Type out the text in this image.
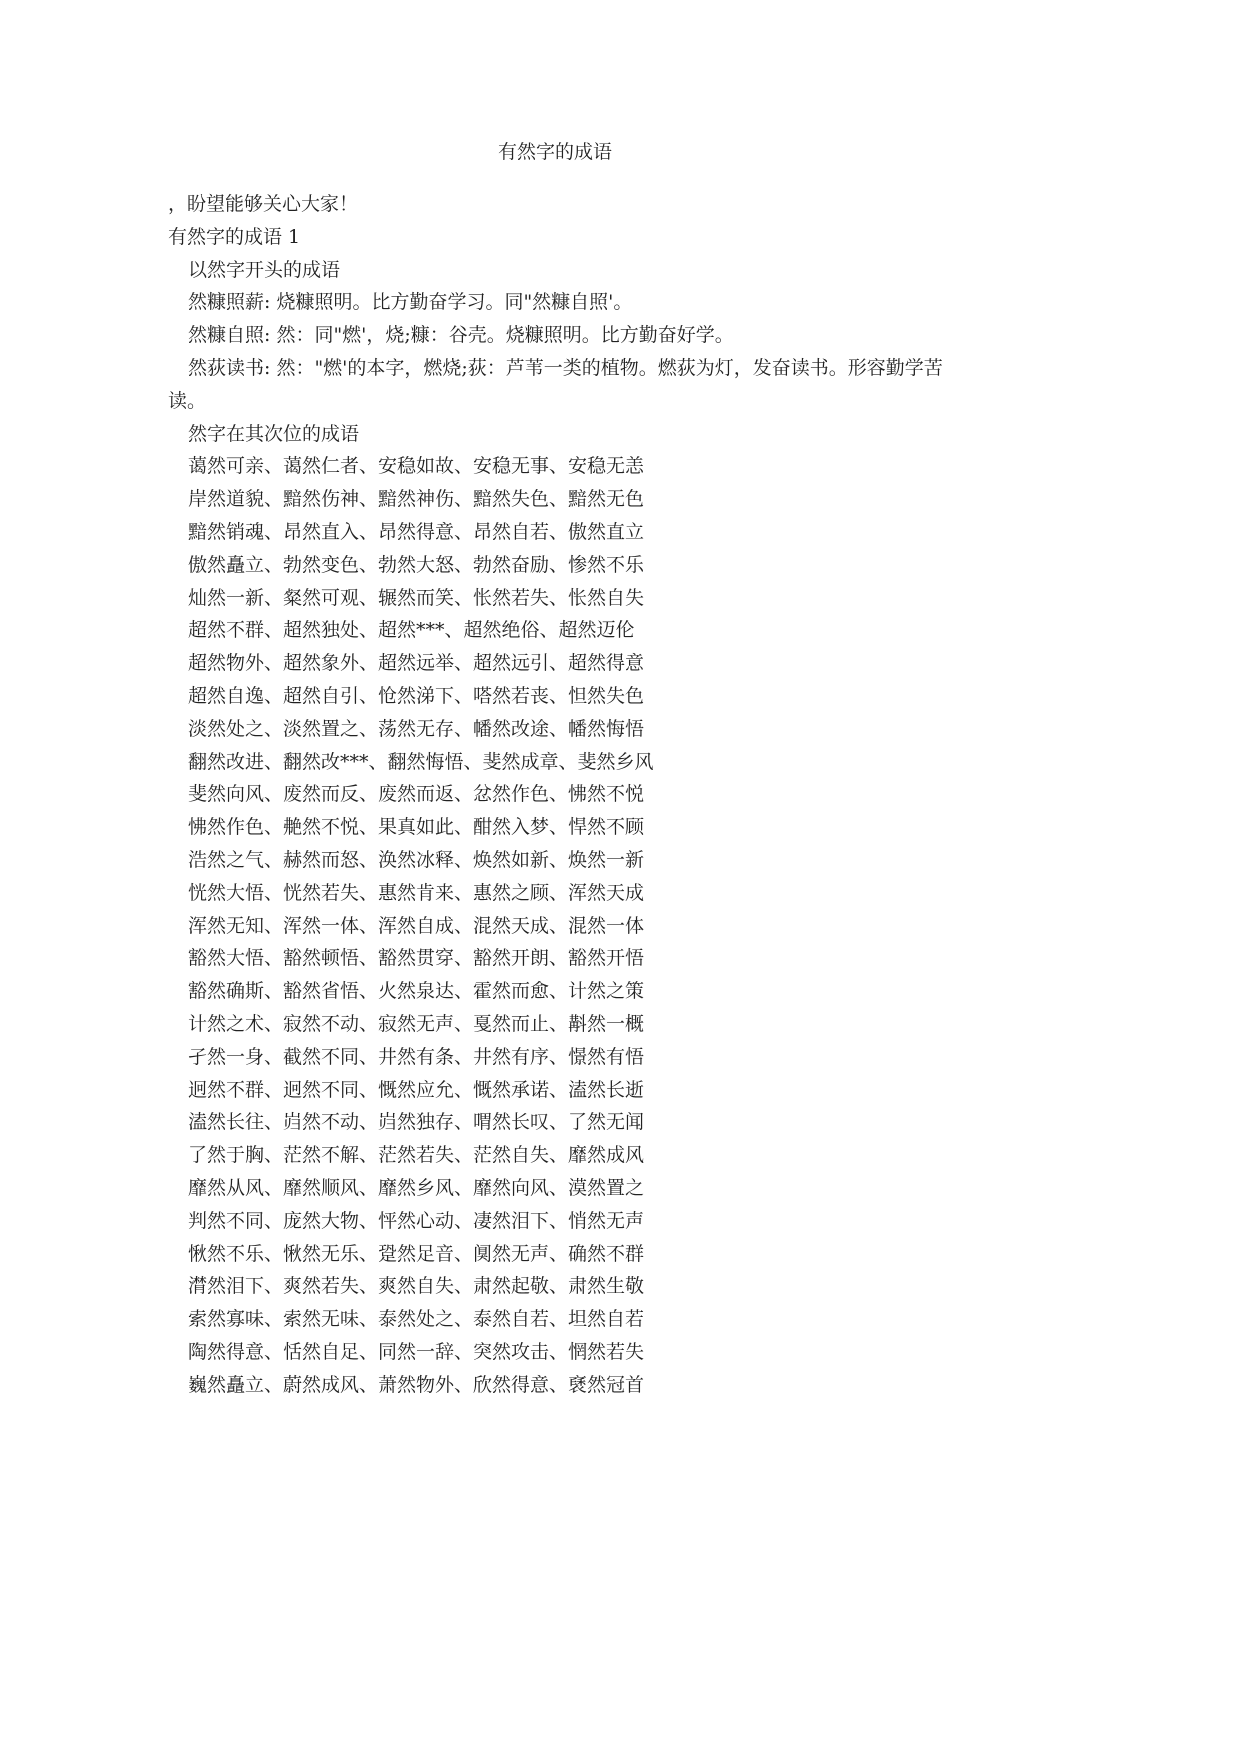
有然字的成语

，盼望能够关心大家！

有然字的成语 1

以然字开头的成语

然糠照薪: 烧糠照明。比方勤奋学习。同"然糠自照'。

然糠自照: 然：同"燃'，烧;糠：谷壳。烧糠照明。比方勤奋好学。

然荻读书: 然："燃'的本字，燃烧;荻：芦苇一类的植物。燃荻为灯，发奋读书。形容勤学苦读。

然字在其次位的成语

蔼然可亲、蔼然仁者、安稳如故、安稳无事、安稳无恙

岸然道貌、黯然伤神、黯然神伤、黯然失色、黯然无色

黯然销魂、昂然直入、昂然得意、昂然自若、傲然直立

傲然矗立、勃然变色、勃然大怒、勃然奋励、惨然不乐

灿然一新、粲然可观、辗然而笑、怅然若失、怅然自失

超然不群、超然独处、超然***、超然绝俗、超然迈伦

超然物外、超然象外、超然远举、超然远引、超然得意

超然自逸、超然自引、怆然涕下、嗒然若丧、怛然失色

淡然处之、淡然置之、荡然无存、幡然改途、幡然悔悟

翻然改进、翻然改***、翻然悔悟、斐然成章、斐然乡风

斐然向风、废然而反、废然而返、忿然作色、怫然不悦

怫然作色、艴然不悦、果真如此、酣然入梦、悍然不顾

浩然之气、赫然而怒、涣然冰释、焕然如新、焕然一新

恍然大悟、恍然若失、惠然肯来、惠然之顾、浑然天成

浑然无知、浑然一体、浑然自成、混然天成、混然一体

豁然大悟、豁然顿悟、豁然贯穿、豁然开朗、豁然开悟

豁然确斯、豁然省悟、火然泉达、霍然而愈、计然之策

计然之术、寂然不动、寂然无声、戛然而止、斠然一概

孑然一身、截然不同、井然有条、井然有序、憬然有悟

迥然不群、迥然不同、慨然应允、慨然承诺、溘然长逝

溘然长往、岿然不动、岿然独存、喟然长叹、了然无闻

了然于胸、茫然不解、茫然若失、茫然自失、靡然成风

靡然从风、靡然顺风、靡然乡风、靡然向风、漠然置之

判然不同、庞然大物、怦然心动、凄然泪下、悄然无声

愀然不乐、愀然无乐、跫然足音、阒然无声、确然不群

潸然泪下、爽然若失、爽然自失、肃然起敬、肃然生敬

索然寡味、索然无味、泰然处之、泰然自若、坦然自若

陶然得意、恬然自足、同然一辞、突然攻击、惘然若失

巍然矗立、蔚然成风、萧然物外、欣然得意、褎然冠首
